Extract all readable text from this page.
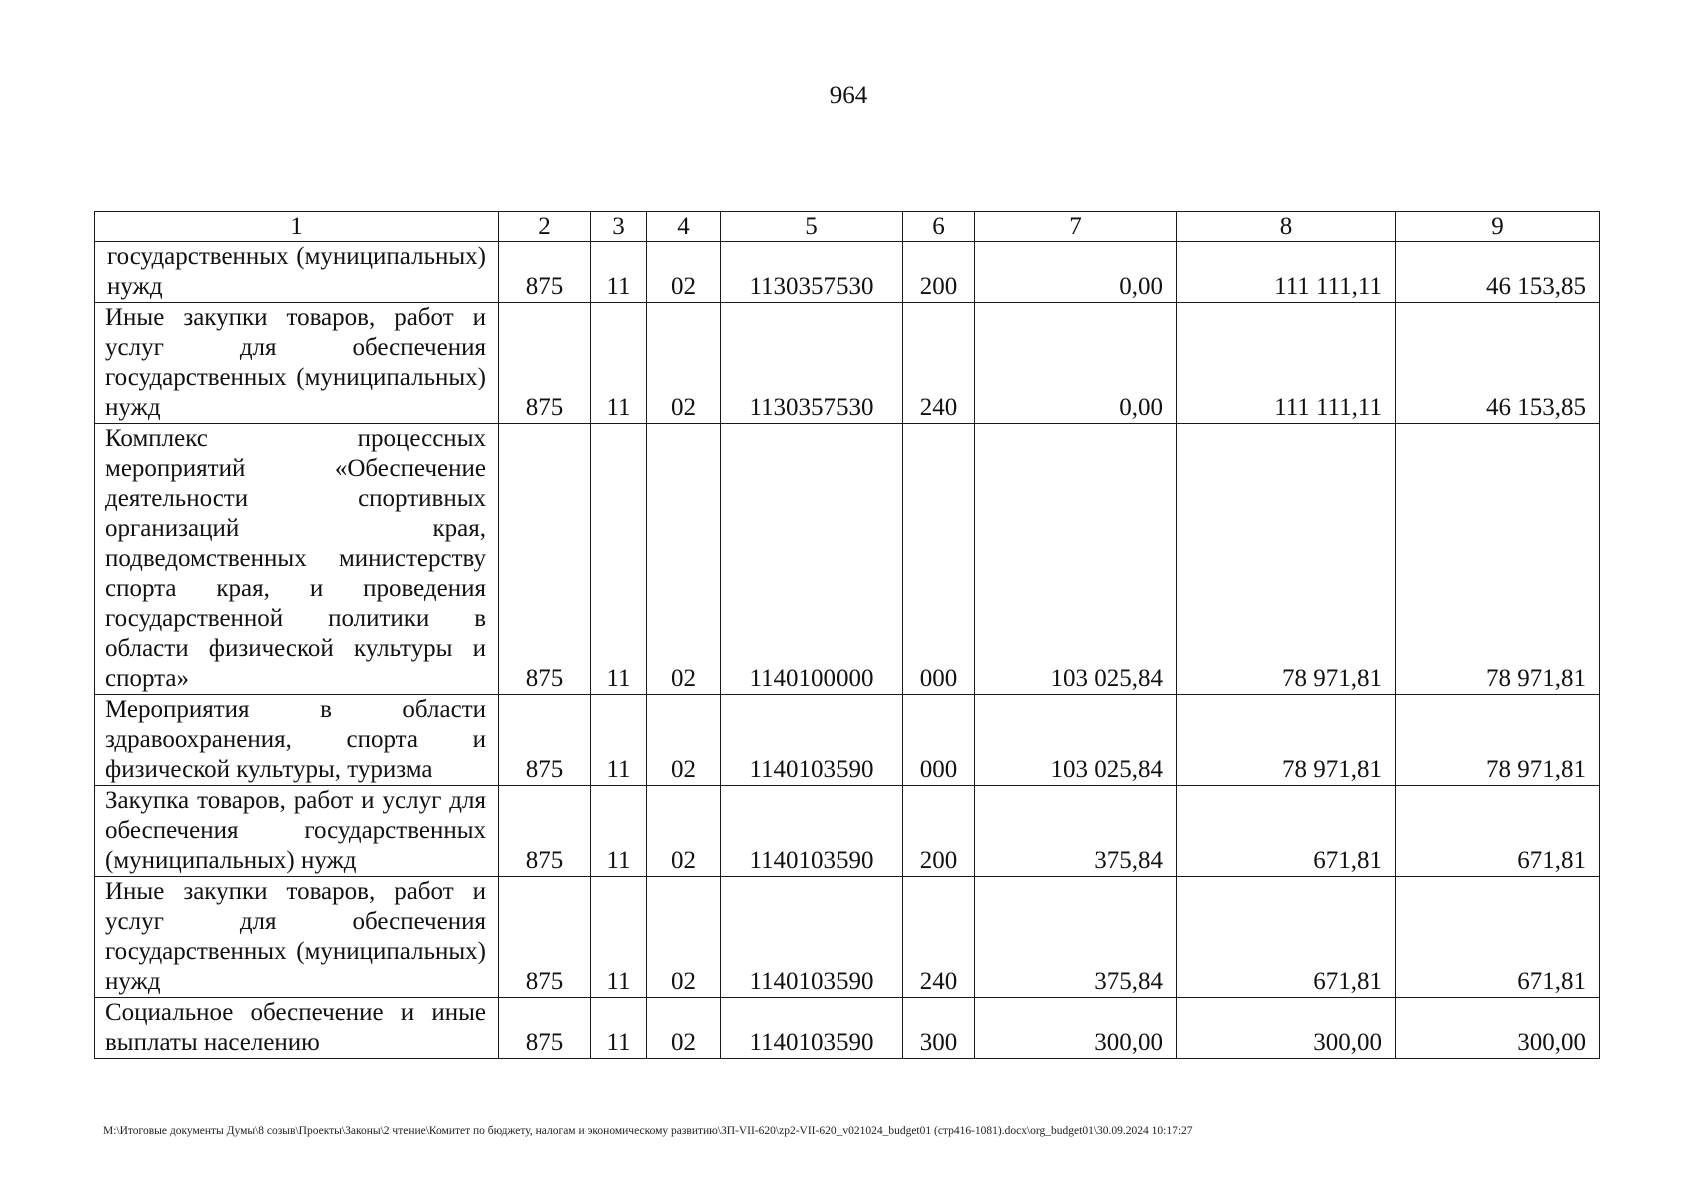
964
1	2	3	4	5	6	7	8	9
государственных (муниципальных) нужд	875	11	02	1130357530	200	0,00	111 111,11	46 153,85
Иные закупки товаров, работ и услуг для обеспечения государственных (муниципальных) нужд	875	11	02	1130357530	240	0,00	111 111,11	46 153,85
Комплекс процессных мероприятий «Обеспечение деятельности спортивных организаций края, подведомственных министерству спорта края, и проведения государственной политики в области физической культуры и спорта»	875	11	02	1140100000	000	103 025,84	78 971,81	78 971,81
Мероприятия в области здравоохранения, спорта и физической культуры, туризма	875	11	02	1140103590	000	103 025,84	78 971,81	78 971,81
Закупка товаров, работ и услуг для обеспечения государственных (муниципальных) нужд	875	11	02	1140103590	200	375,84	671,81	671,81
Иные закупки товаров, работ и услуг для обеспечения государственных (муниципальных) нужд	875	11	02	1140103590	240	375,84	671,81	671,81
Социальное обеспечение и иные выплаты населению	875	11	02	1140103590	300	300,00	300,00	300,00
M:\Итоговые документы Думы\8 созыв\Проекты\Законы\2 чтение\Комитет по бюджету, налогам и экономическому развитию\ЗП-VII-620\zp2-VII-620_v021024_budget01 (стр416-1081).docx\org_budget01\30.09.2024 10:17:27
